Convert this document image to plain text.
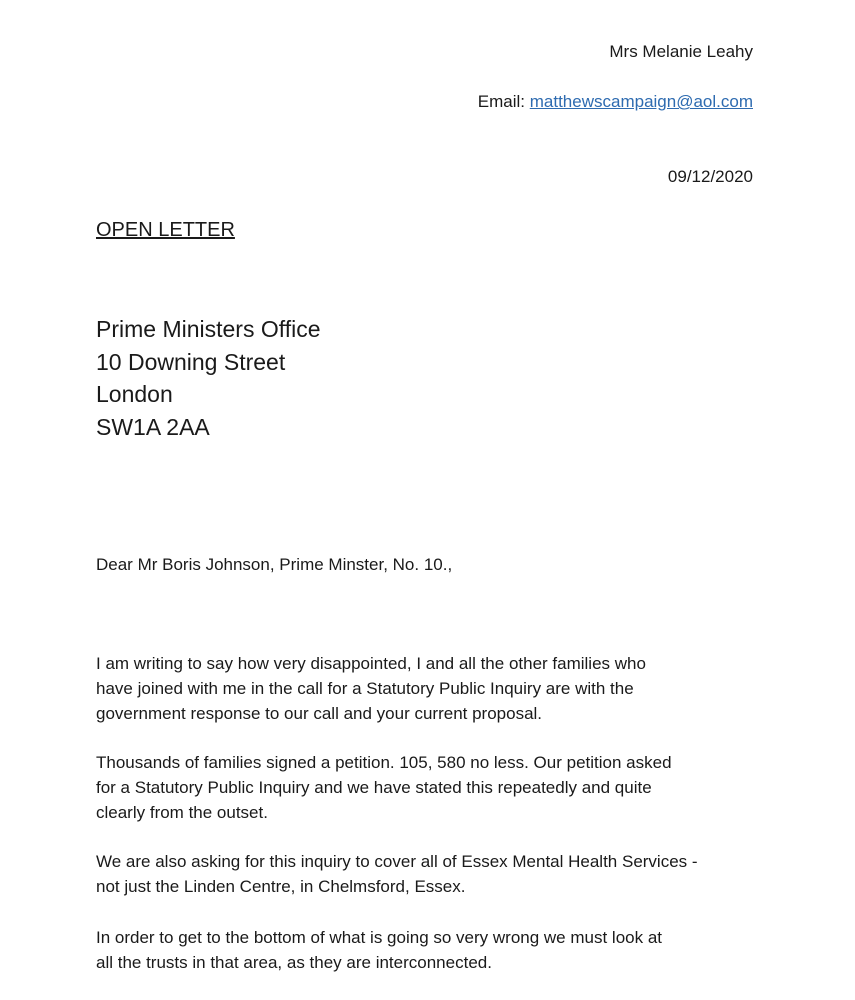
Mrs Melanie Leahy
Email: matthewscampaign@aol.com
09/12/2020
OPEN LETTER
Prime Ministers Office
10 Downing Street
London
SW1A 2AA
Dear Mr Boris Johnson, Prime Minster, No. 10.,
I am writing to say how very disappointed, I and all the other families who
have joined with me in the call for a Statutory Public Inquiry are with the
government response to our call and your current proposal.
Thousands of families signed a petition. 105, 580 no less. Our petition asked
for a Statutory Public Inquiry and we have stated this repeatedly and quite
clearly from the outset.
We are also asking for this inquiry to cover all of Essex Mental Health Services -
not just the Linden Centre, in Chelmsford, Essex.
In order to get to the bottom of what is going so very wrong we must look at
all the trusts in that area, as they are interconnected.
